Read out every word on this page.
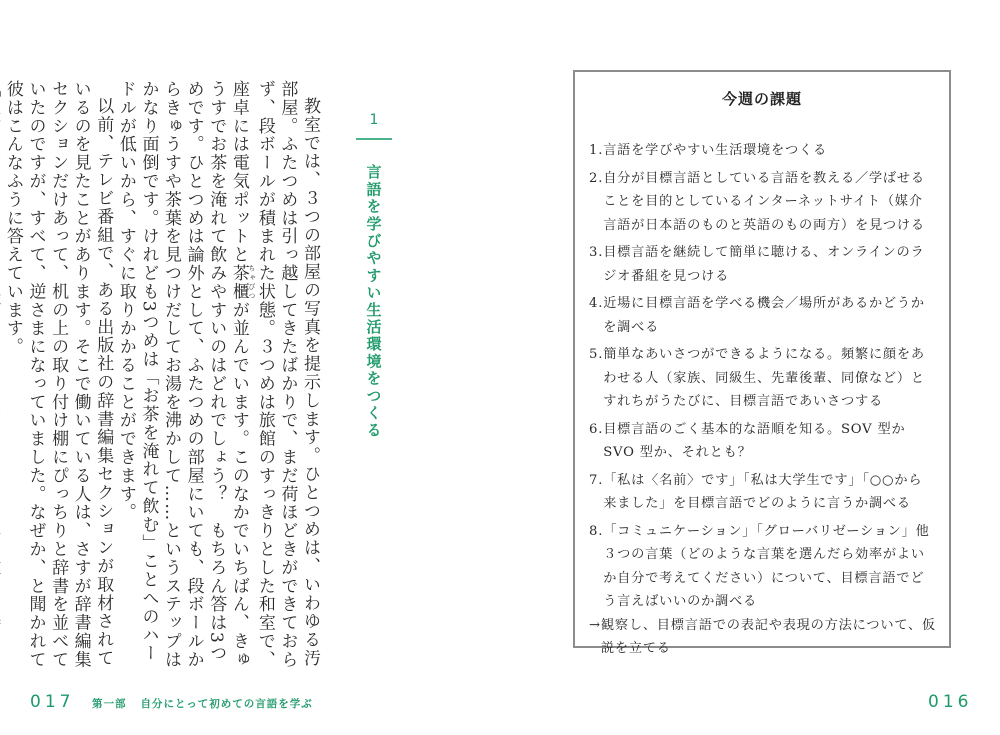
教室では、３つの部屋の写真を提示します。ひとつめは、いわゆる汚部屋。ふたつめは引っ越してきたばかりで、まだ荷ほどきができておらず、段ボールが積まれた状態。３つめは旅館のすっきりとした和室で、座卓には電気ポットと茶櫃 ちゃびつが並んでいます。このなかでいちばん、きゅうすでお茶を淹れて飲みやすいのはどれでしょう？　もちろん答は3つめです。ひとつめは論外として、ふたつめの部屋にいても、段ボールからきゅうすや茶葉を見つけだしてお湯を沸かして……というステップはかなり面倒です。けれども3つめは「お茶を淹れて飲む」ことへのハードルが低いから、すぐに取りかかることができます。

以前、テレビ番組で、ある出版社の辞書編集セクションが取材されているのを見たことがあります。そこで働いている人は、さすが辞書編集セクションだけあって、机の上の取り付け棚にぴっちりと辞書を並べていたのですが、すべて、逆さまになっていました。なぜか、と聞かれて彼はこんなふうに答えています。	1
言語を学びやすい生活環境をつくる
017 第一部 自分にとって初めての言語を学ぶ
今週の課題
1. 言語を学びやすい生活環境をつくる
2. 自分が目標言語としている言語を教える／学ばせることを目的としているインターネットサイト（媒介言語が日本語のものと英語のもの両方）を見つける
3. 目標言語を継続して簡単に聴ける、オンラインのラジオ番組を見つける
4. 近場に目標言語を学べる機会／場所があるかどうかを調べる
5. 簡単なあいさつができるようになる。頻繁に顔をあわせる人（家族、同級生、先輩後輩、同僚など）とすれちがうたびに、目標言語であいさつする
6. 目標言語のごく基本的な語順を知る。SOV 型か SVO 型か、それとも？
7. 「私は〈名前〉です」「私は大学生です」「○○から来ました」を目標言語でどのように言うか調べる
8. 「コミュニケーション」「グローバリゼーション」他３つの言葉（どのような言葉を選んだら効率がよいか自分で考えてください）について、目標言語でどう言えばいいのか調べる
→ 観察し、目標言語での表記や表現の方法について、仮説を立てる
016
